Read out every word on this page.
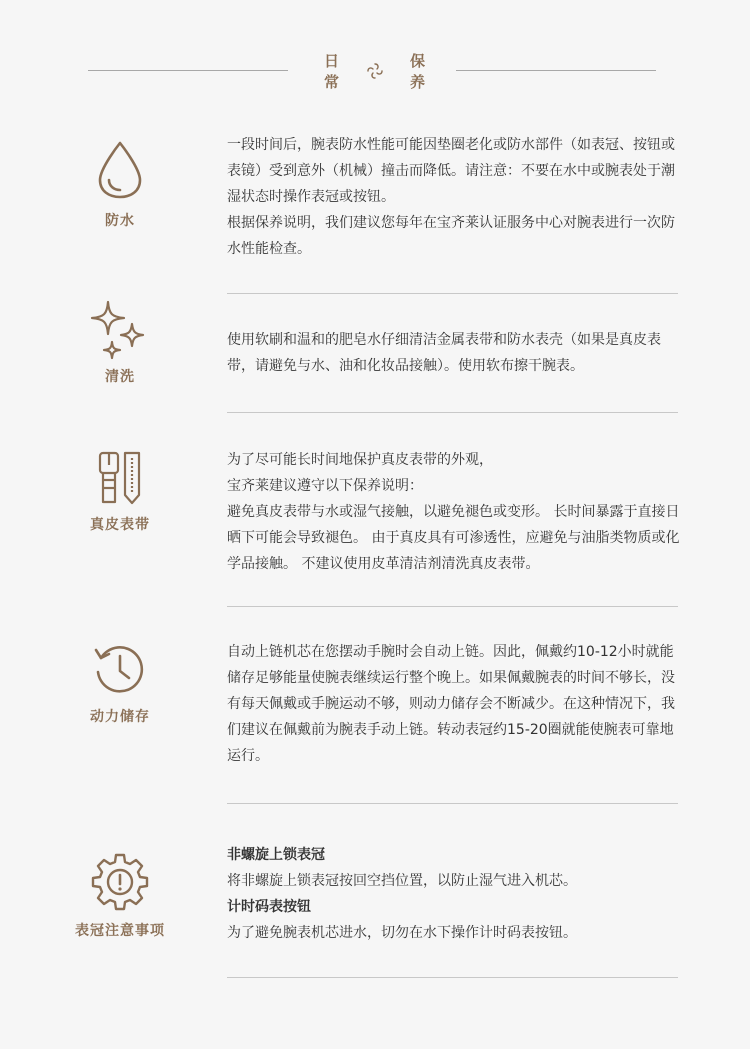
日 常
保 养
防水

一段时间后，腕表防水性能可能因垫圈老化或防水部件（如表冠、按钮或表镜）受到意外（机械）撞击而降低。请注意：不要在水中或腕表处于潮湿状态时操作表冠或按钮。

根据保养说明，我们建议您每年在宝齐莱认证服务中心对腕表进行一次防水性能检查。

清洗

使用软刷和温和的肥皂水仔细清洁金属表带和防水表壳（如果是真皮表带，请避免与水、油和化妆品接触）。使用软布擦干腕表。

真皮表带

为了尽可能长时间地保护真皮表带的外观，

宝齐莱建议遵守以下保养说明：

避免真皮表带与水或湿气接触，以避免褪色或变形。 长时间暴露于直接日晒下可能会导致褪色。 由于真皮具有可渗透性，应避免与油脂类物质或化学品接触。 不建议使用皮革清洁剂清洗真皮表带。

动力储存

自动上链机芯在您摆动手腕时会自动上链。因此，佩戴约10-12小时就能储存足够能量使腕表继续运行整个晚上。如果佩戴腕表的时间不够长，没有每天佩戴或手腕运动不够，则动力储存会不断减少。在这种情况下，我们建议在佩戴前为腕表手动上链。转动表冠约15-20圈就能使腕表可靠地运行。

表冠注意事项

非螺旋上锁表冠

将非螺旋上锁表冠按回空挡位置，以防止湿气进入机芯。

计时码表按钮

为了避免腕表机芯进水，切勿在水下操作计时码表按钮。
